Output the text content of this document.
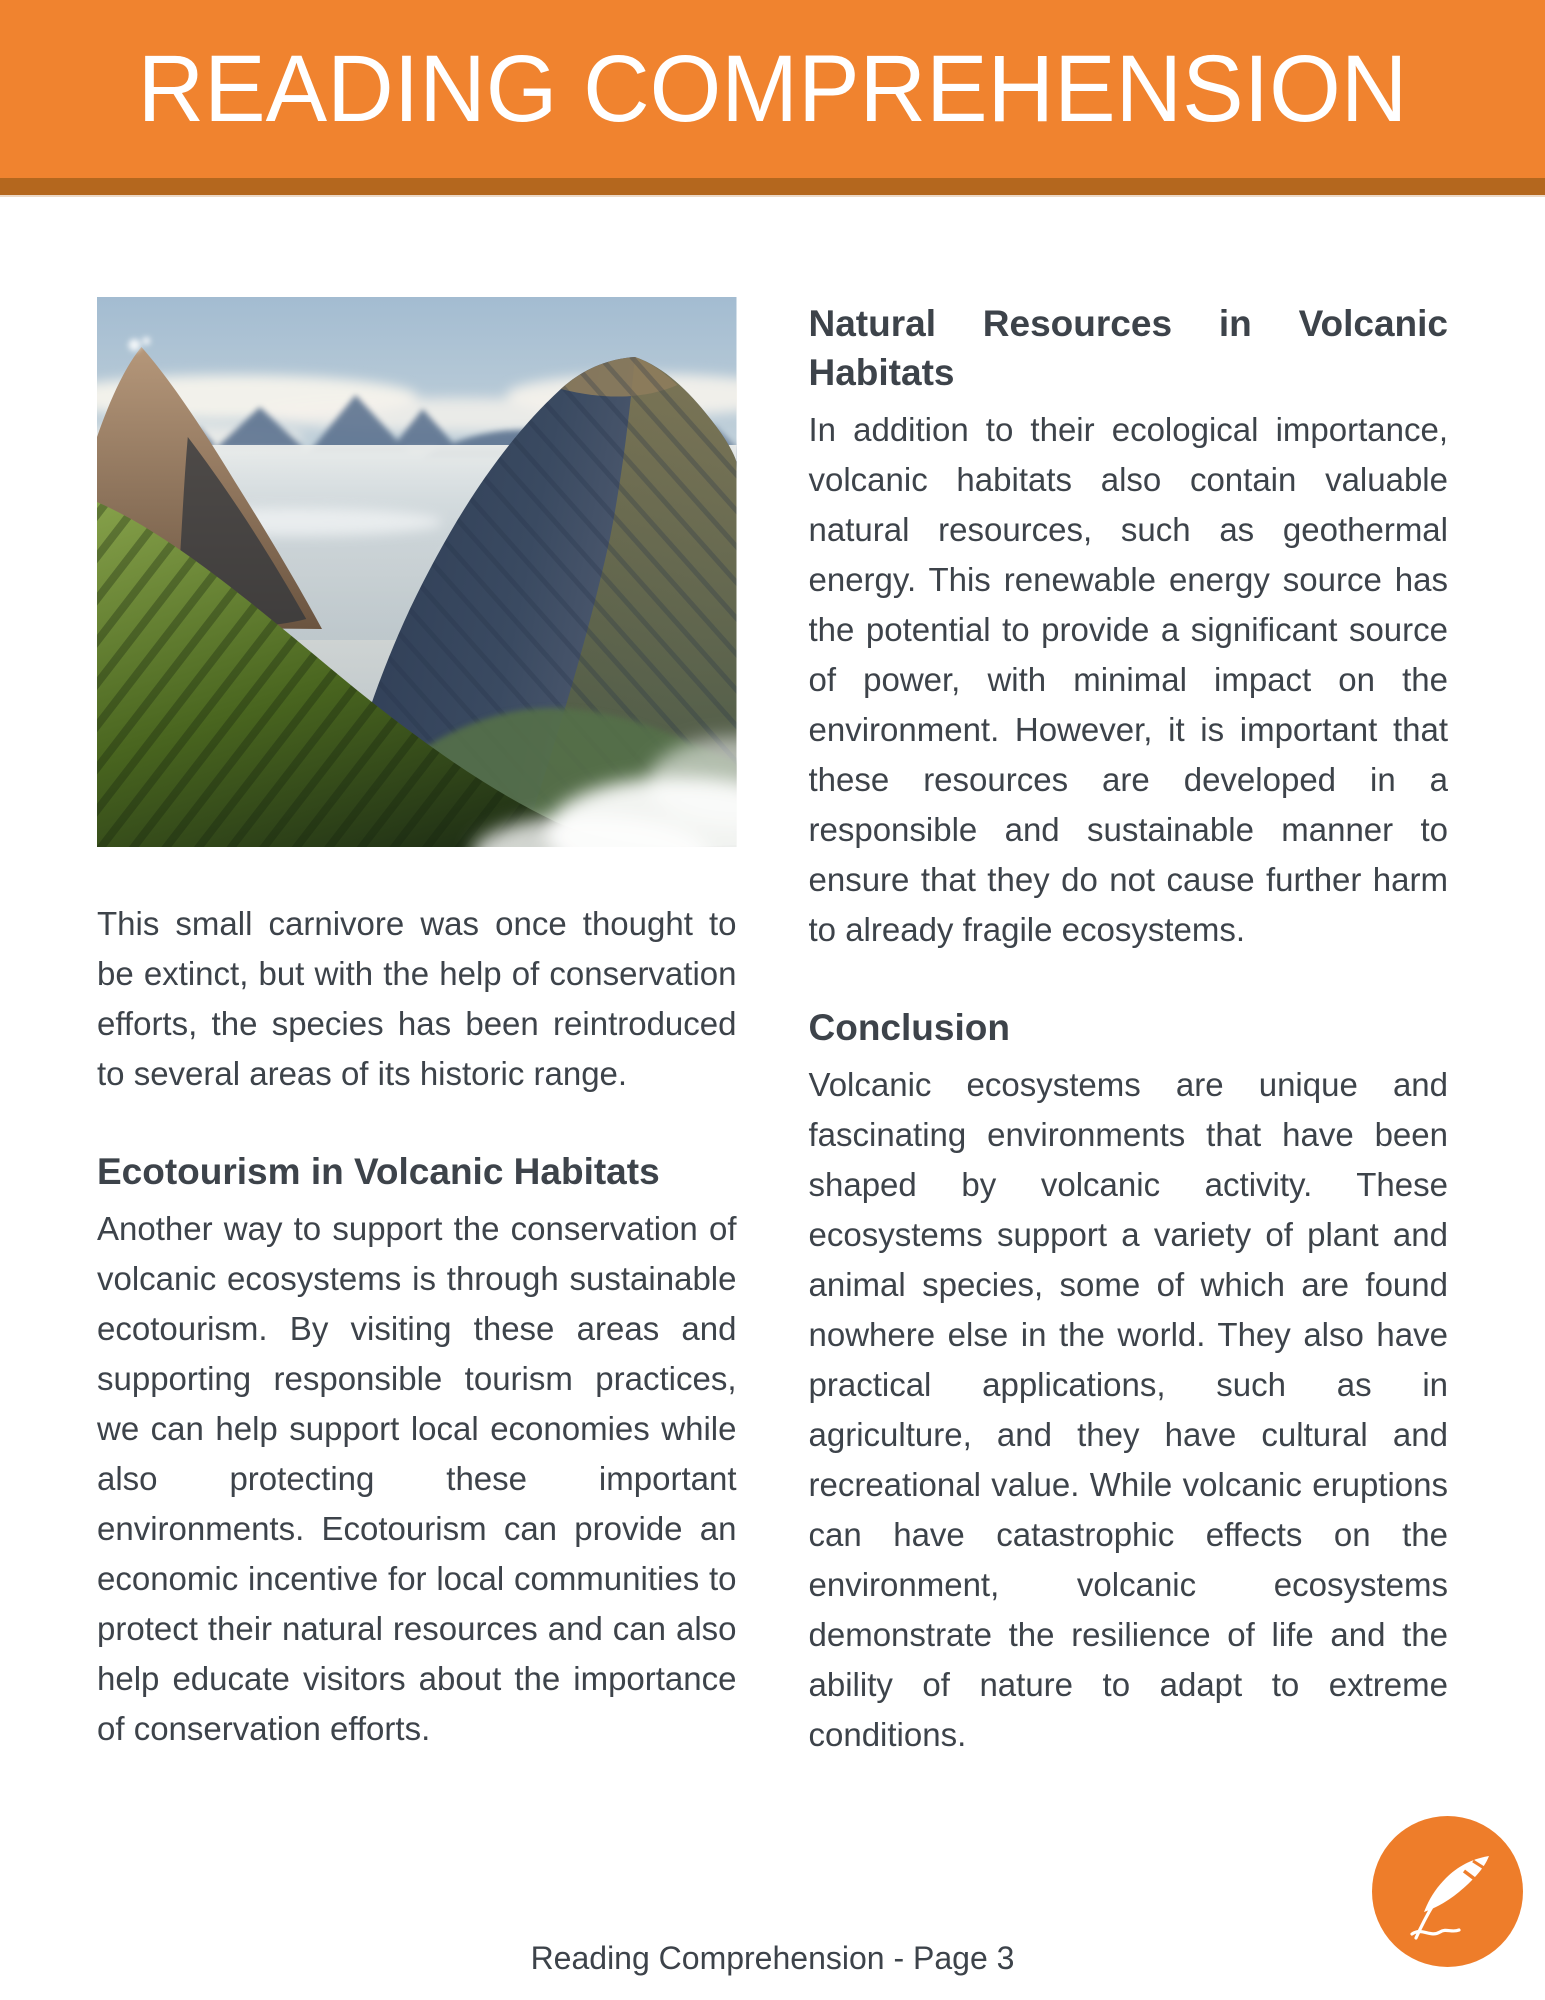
READING COMPREHENSION

This small carnivore was once thought to be extinct, but with the help of conservation efforts, the species has been reintroduced to several areas of its historic range.

Ecotourism in Volcanic Habitats

Another way to support the conservation of volcanic ecosystems is through sustainable ecotourism. By visiting these areas and supporting responsible tourism practices, we can help support local economies while also protecting these important environments. Ecotourism can provide an economic incentive for local communities to protect their natural resources and can also help educate visitors about the importance of conservation efforts.

Natural Resources in Volcanic
Habitats

In addition to their ecological importance, volcanic habitats also contain valuable natural resources, such as geothermal energy. This renewable energy source has the potential to provide a significant source of power, with minimal impact on the environment. However, it is important that these resources are developed in a responsible and sustainable manner to ensure that they do not cause further harm to already fragile ecosystems.

Conclusion

Volcanic ecosystems are unique and fascinating environments that have been shaped by volcanic activity. These ecosystems support a variety of plant and animal species, some of which are found nowhere else in the world. They also have practical applications, such as in agriculture, and they have cultural and recreational value. While volcanic eruptions can have catastrophic effects on the environment, volcanic ecosystems demonstrate the resilience of life and the ability of nature to adapt to extreme conditions.

Reading Comprehension - Page 3
